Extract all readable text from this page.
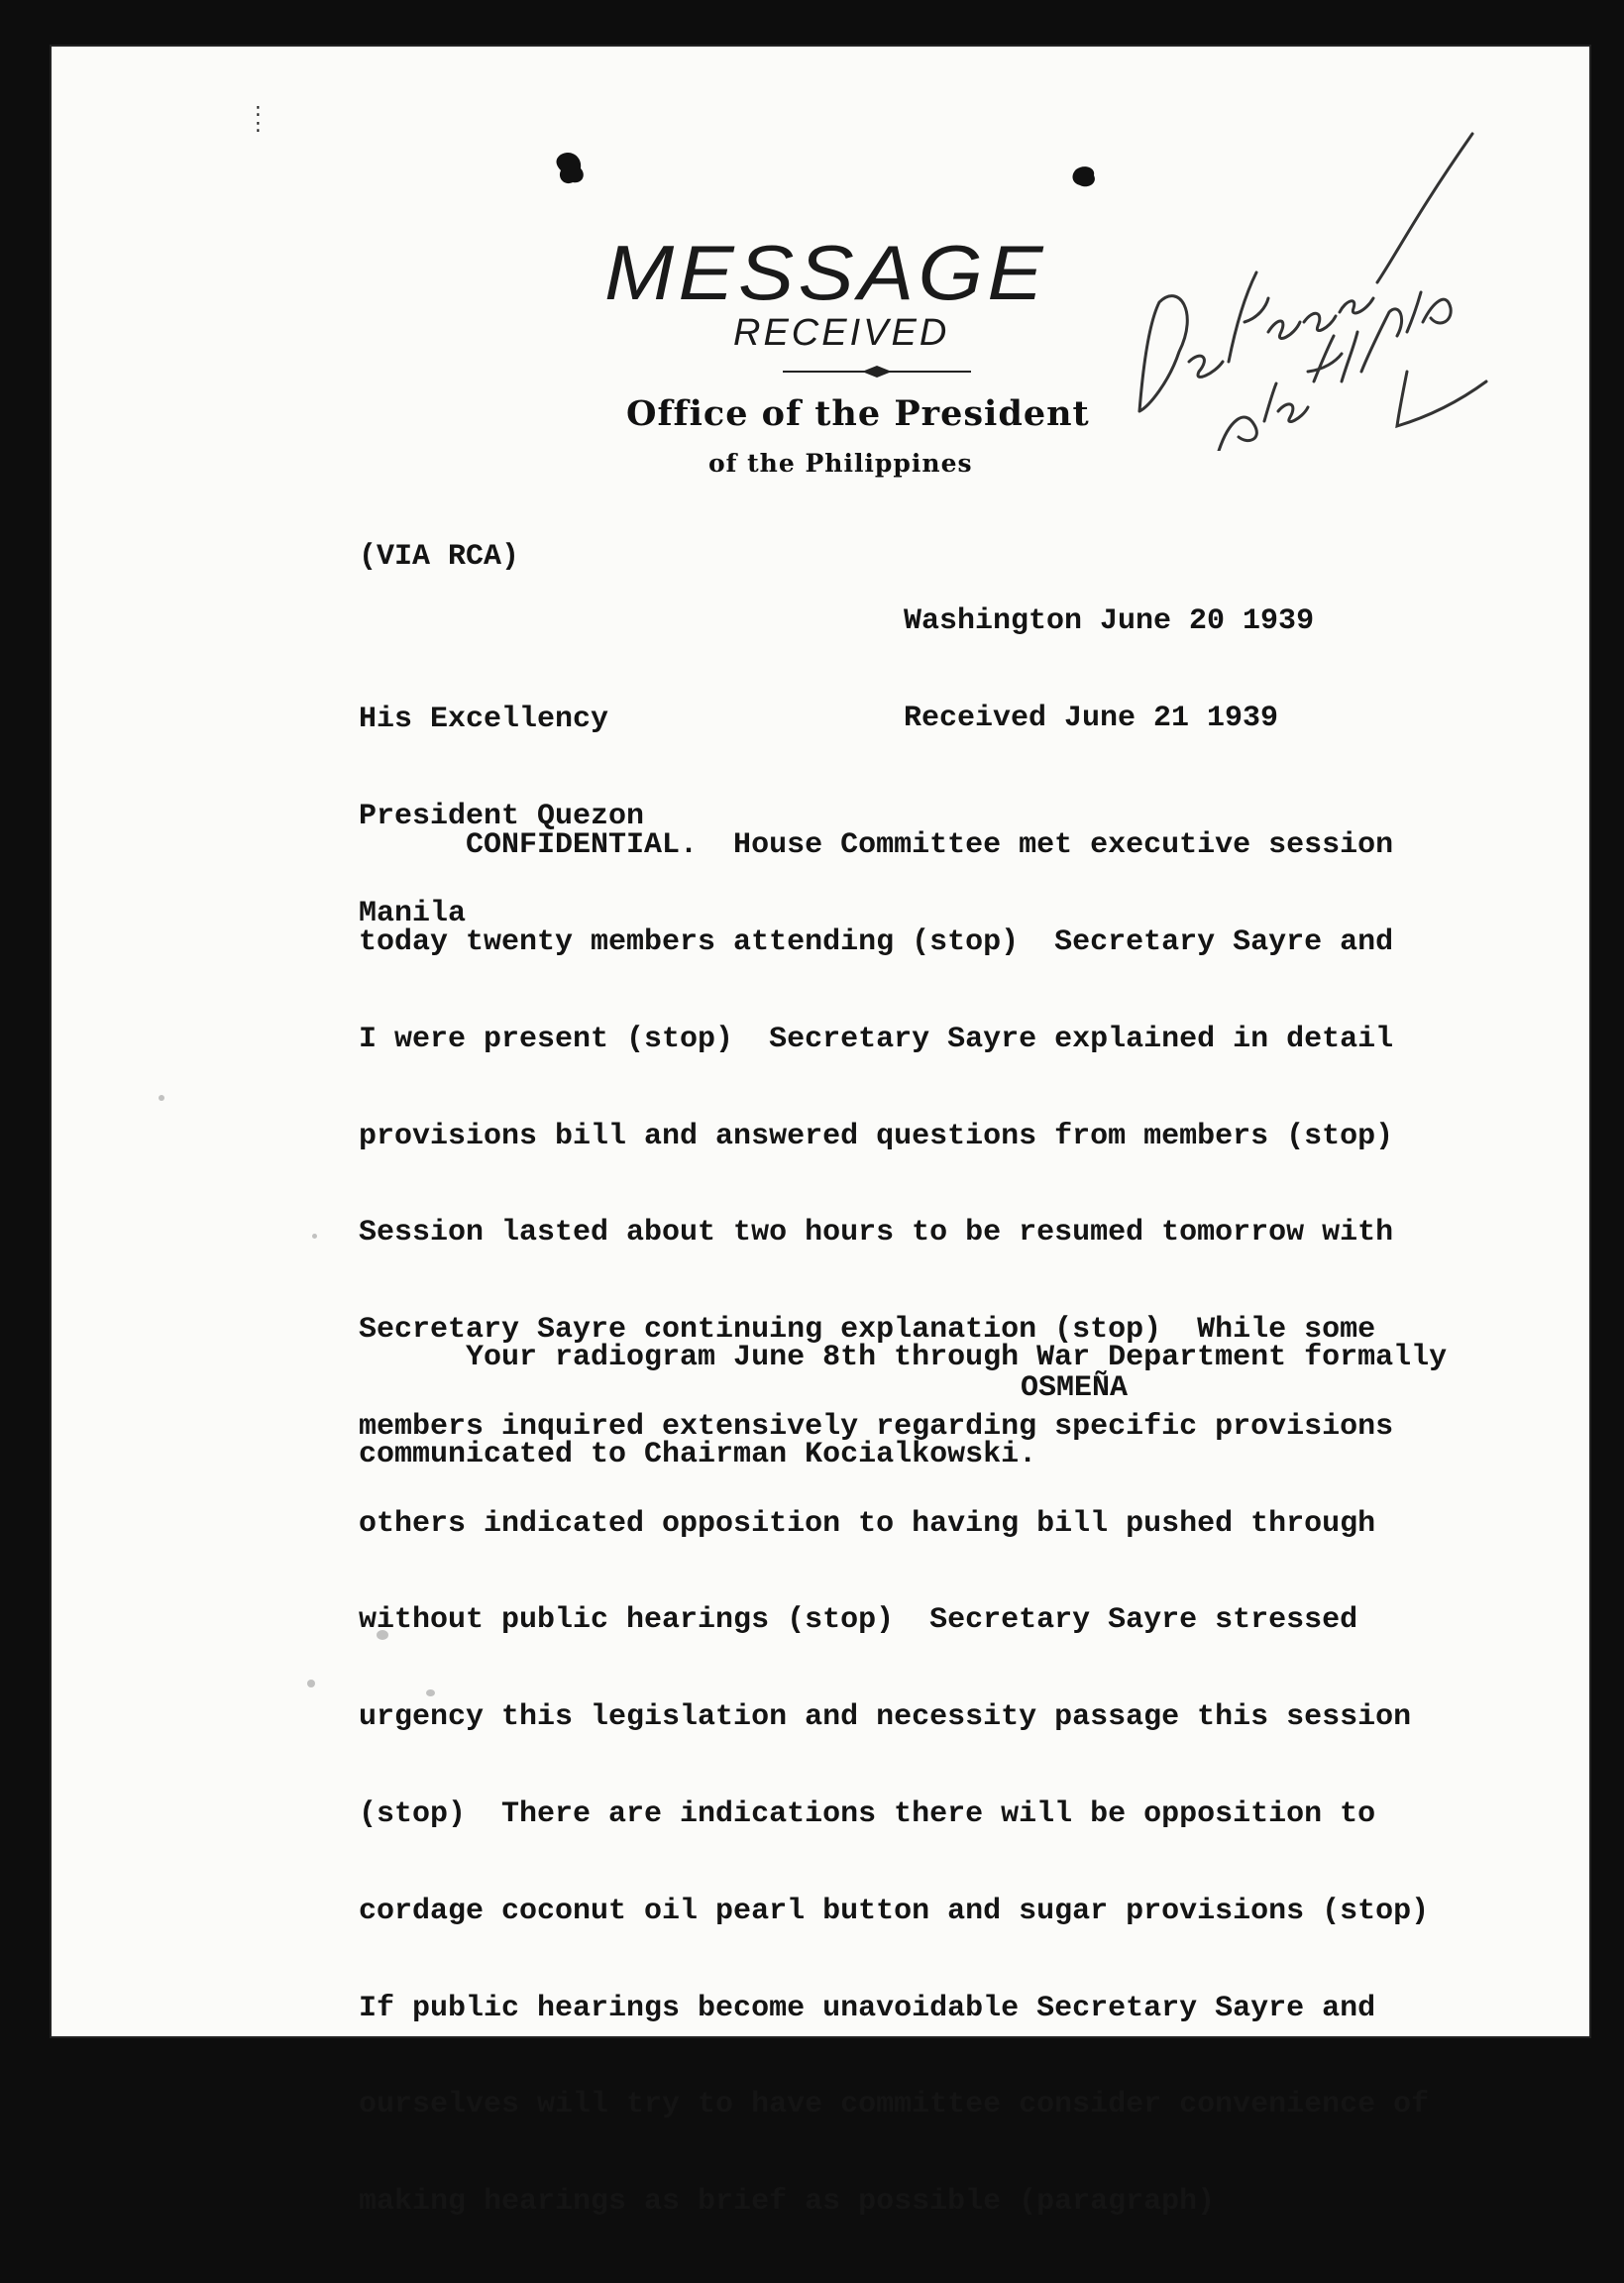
:
:
MESSAGE
RECEIVED
Office of the President
of the Philippines
(VIA RCA)

Washington June 20 1939

Received June 21 1939

His Excellency

President Quezon

Manila

CONFIDENTIAL.  House Committee met executive session

today twenty members attending (stop)  Secretary Sayre and

I were present (stop)  Secretary Sayre explained in detail

provisions bill and answered questions from members (stop)

Session lasted about two hours to be resumed tomorrow with

Secretary Sayre continuing explanation (stop)  While some

members inquired extensively regarding specific provisions

others indicated opposition to having bill pushed through

without public hearings (stop)  Secretary Sayre stressed

urgency this legislation and necessity passage this session

(stop)  There are indications there will be opposition to

cordage coconut oil pearl button and sugar provisions (stop)

If public hearings become unavoidable Secretary Sayre and

ourselves will try to have committee consider convenience of

making hearings as brief as possible (paragraph)

Your radiogram June 8th through War Department formally

communicated to Chairman Kocialkowski.

OSMEÑA
